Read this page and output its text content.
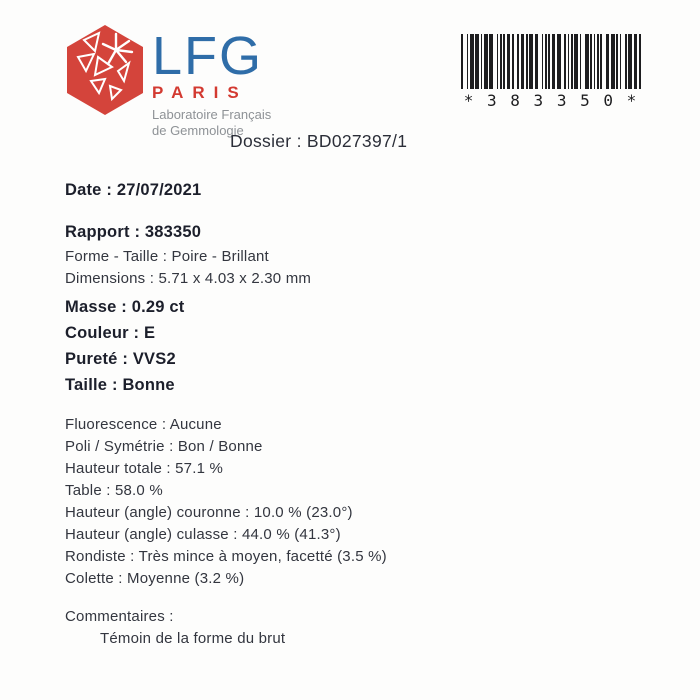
LFG
PARIS
Laboratoire Français
de Gemmologie
* 3 8 3 3 5 0 *
Dossier : BD027397/1
Date : 27/07/2021
Rapport : 383350
Forme - Taille : Poire - Brillant
Dimensions : 5.71 x 4.03 x 2.30 mm
Masse : 0.29 ct
Couleur : E
Pureté : VVS2
Taille : Bonne
Fluorescence : Aucune
Poli / Symétrie : Bon / Bonne
Hauteur totale : 57.1 %
Table : 58.0 %
Hauteur (angle) couronne : 10.0 % (23.0°)
Hauteur (angle) culasse : 44.0 % (41.3°)
Rondiste : Très mince à moyen, facetté (3.5 %)
Colette : Moyenne (3.2 %)
Commentaires :
Témoin de la forme du brut
